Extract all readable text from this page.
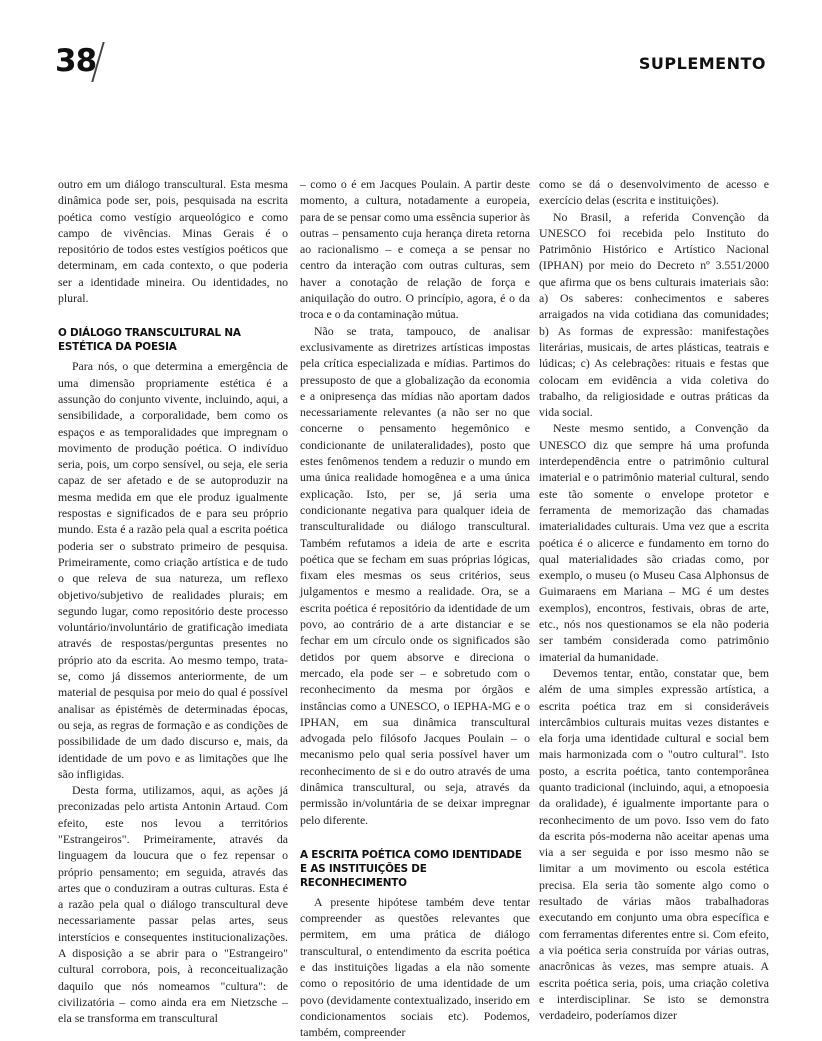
38	SUPLEMENTO

outro em um diálogo transcultural. Esta mesma dinâmica pode ser, pois, pesquisada na escrita poética como vestígio arqueológico e como campo de vivências. Minas Gerais é o repositório de todos estes vestígios poéticos que determinam, em cada contexto, o que poderia ser a identidade mineira. Ou identidades, no plural.

O DIÁLOGO TRANSCULTURAL NA ESTÉTICA DA POESIA

Para nós, o que determina a emergência de uma dimensão propriamente estética é a assunção do conjunto vivente, incluindo, aqui, a sensibilidade, a corporalidade, bem como os espaços e as temporalidades que impregnam o movimento de produção poética. O indivíduo seria, pois, um corpo sensível, ou seja, ele seria capaz de ser afetado e de se autoproduzir na mesma medida em que ele produz igualmente respostas e significados de e para seu próprio mundo. Esta é a razão pela qual a escrita poética poderia ser o substrato primeiro de pesquisa. Primeiramente, como criação artística e de tudo o que releva de sua natureza, um reflexo objetivo/subjetivo de realidades plurais; em segundo lugar, como repositório deste processo voluntário/involuntário de gratificação imediata através de respostas/perguntas presentes no próprio ato da escrita. Ao mesmo tempo, trata-se, como já dissemos anteriormente, de um material de pesquisa por meio do qual é possível analisar as épistémès de determinadas épocas, ou seja, as regras de formação e as condições de possibilidade de um dado discurso e, mais, da identidade de um povo e as limitações que lhe são infligidas.

Desta forma, utilizamos, aqui, as ações já preconizadas pelo artista Antonin Artaud. Com efeito, este nos levou a territórios "Estrangeiros". Primeiramente, através da linguagem da loucura que o fez repensar o próprio pensamento; em seguida, através das artes que o conduziram a outras culturas. Esta é a razão pela qual o diálogo transcultural deve necessariamente passar pelas artes, seus interstícios e consequentes institucionalizações. A disposição a se abrir para o "Estrangeiro" cultural corrobora, pois, à reconceitualização daquilo que nós nomeamos "cultura": de civilizatória – como ainda era em Nietzsche – ela se transforma em transcultural

– como o é em Jacques Poulain. A partir deste momento, a cultura, notadamente a europeia, para de se pensar como uma essência superior às outras – pensamento cuja herança direta retorna ao racionalismo – e começa a se pensar no centro da interação com outras culturas, sem haver a conotação de relação de força e aniquilação do outro. O princípio, agora, é o da troca e o da contaminação mútua.

Não se trata, tampouco, de analisar exclusivamente as diretrizes artísticas impostas pela crítica especializada e mídias. Partimos do pressuposto de que a globalização da economia e a onipresença das mídias não aportam dados necessariamente relevantes (a não ser no que concerne o pensamento hegemônico e condicionante de unilateralidades), posto que estes fenômenos tendem a reduzir o mundo em uma única realidade homogênea e a uma única explicação. Isto, per se, já seria uma condicionante negativa para qualquer ideia de transculturalidade ou diálogo transcultural. Também refutamos a ideia de arte e escrita poética que se fecham em suas próprias lógicas, fixam eles mesmas os seus critérios, seus julgamentos e mesmo a realidade. Ora, se a escrita poética é repositório da identidade de um povo, ao contrário de a arte distanciar e se fechar em um círculo onde os significados são detidos por quem absorve e direciona o mercado, ela pode ser – e sobretudo com o reconhecimento da mesma por órgãos e instâncias como a UNESCO, o IEPHA-MG e o IPHAN, em sua dinâmica transcultural advogada pelo filósofo Jacques Poulain – o mecanismo pelo qual seria possível haver um reconhecimento de si e do outro através de uma dinâmica transcultural, ou seja, através da permissão in/voluntária de se deixar impregnar pelo diferente.

A ESCRITA POÉTICA COMO IDENTIDADE E AS INSTITUIÇÕES DE RECONHECIMENTO

A presente hipótese também deve tentar compreender as questões relevantes que permitem, em uma prática de diálogo transcultural, o entendimento da escrita poética e das instituições ligadas a ela não somente como o repositório de uma identidade de um povo (devidamente contextualizado, inserido em condicionamentos sociais etc). Podemos, também, compreender

como se dá o desenvolvimento de acesso e exercício delas (escrita e instituições).

No Brasil, a referida Convenção da UNESCO foi recebida pelo Instituto do Patrimônio Histórico e Artístico Nacional (IPHAN) por meio do Decreto nº 3.551/2000 que afirma que os bens culturais imateriais são: a) Os saberes: conhecimentos e saberes arraigados na vida cotidiana das comunidades; b) As formas de expressão: manifestações literárias, musicais, de artes plásticas, teatrais e lúdicas; c) As celebrações: rituais e festas que colocam em evidência a vida coletiva do trabalho, da religiosidade e outras práticas da vida social.

Neste mesmo sentido, a Convenção da UNESCO diz que sempre há uma profunda interdependência entre o patrimônio cultural imaterial e o patrimônio material cultural, sendo este tão somente o envelope protetor e ferramenta de memorização das chamadas imaterialidades culturais. Uma vez que a escrita poética é o alicerce e fundamento em torno do qual materialidades são criadas como, por exemplo, o museu (o Museu Casa Alphonsus de Guimaraens em Mariana – MG é um destes exemplos), encontros, festivais, obras de arte, etc., nós nos questionamos se ela não poderia ser também considerada como patrimônio imaterial da humanidade.

Devemos tentar, então, constatar que, bem além de uma simples expressão artística, a escrita poética traz em si consideráveis intercâmbios culturais muitas vezes distantes e ela forja uma identidade cultural e social bem mais harmonizada com o "outro cultural". Isto posto, a escrita poética, tanto contemporânea quanto tradicional (incluindo, aqui, a etnopoesia da oralidade), é igualmente importante para o reconhecimento de um povo. Isso vem do fato da escrita pós-moderna não aceitar apenas uma via a ser seguida e por isso mesmo não se limitar a um movimento ou escola estética precisa. Ela seria tão somente algo como o resultado de várias mãos trabalhadoras executando em conjunto uma obra específica e com ferramentas diferentes entre si. Com efeito, a via poética seria construída por várias outras, anacrônicas às vezes, mas sempre atuais. A escrita poética seria, pois, uma criação coletiva e interdisciplinar. Se isto se demonstra verdadeiro, poderíamos dizer
